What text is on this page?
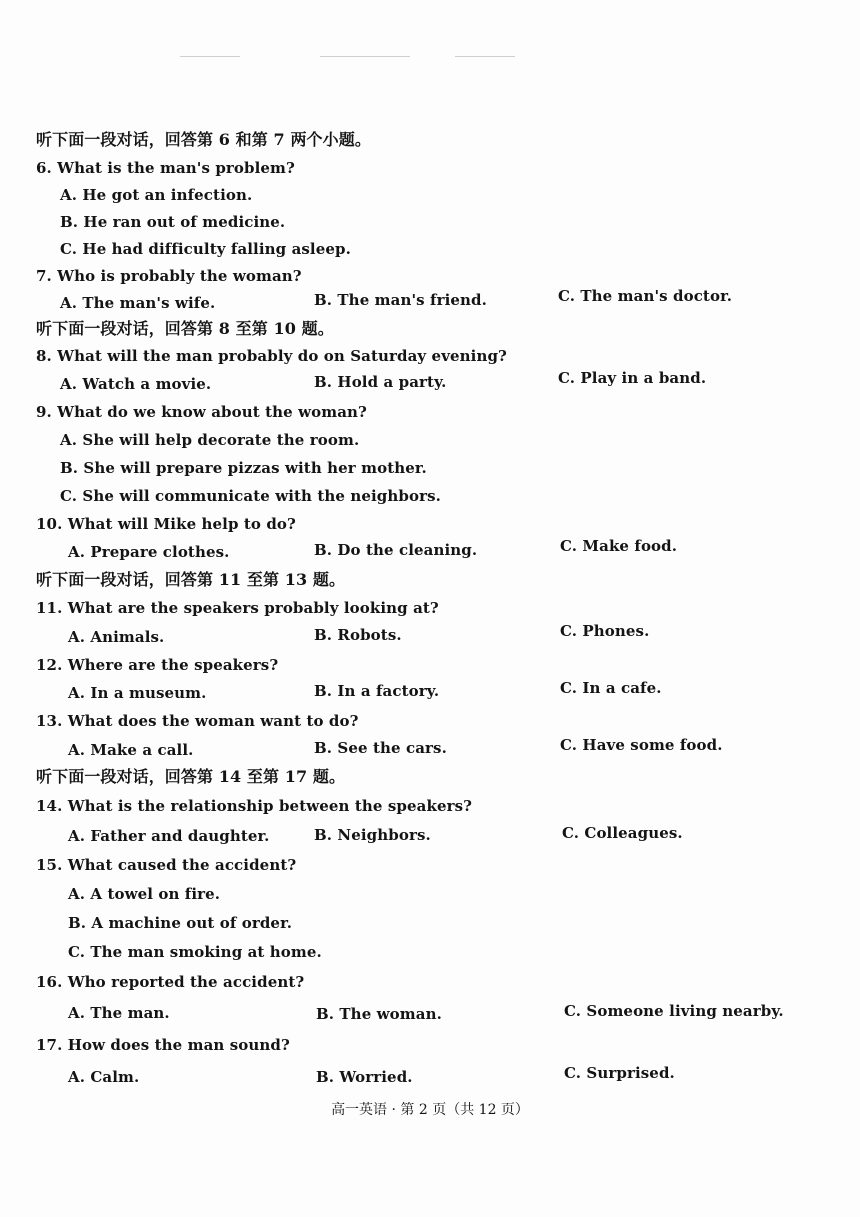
听下面一段对话，回答第 6 和第 7 两个小题。
6. What is the man's problem?
A. He got an infection.
B. He ran out of medicine.
C. He had difficulty falling asleep.
7. Who is probably the woman?
A. The man's wife.	B. The man's friend.	C. The man's doctor.
听下面一段对话，回答第 8 至第 10 题。
8. What will the man probably do on Saturday evening?
A. Watch a movie.	B. Hold a party.	C. Play in a band.
9. What do we know about the woman?
A. She will help decorate the room.
B. She will prepare pizzas with her mother.
C. She will communicate with the neighbors.
10. What will Mike help to do?
A. Prepare clothes.	B. Do the cleaning.	C. Make food.
听下面一段对话，回答第 11 至第 13 题。
11. What are the speakers probably looking at?
A. Animals.	B. Robots.	C. Phones.
12. Where are the speakers?
A. In a museum.	B. In a factory.	C. In a cafe.
13. What does the woman want to do?
A. Make a call.	B. See the cars.	C. Have some food.
听下面一段对话，回答第 14 至第 17 题。
14. What is the relationship between the speakers?
A. Father and daughter.	B. Neighbors.	C. Colleagues.
15. What caused the accident?
A. A towel on fire.
B. A machine out of order.
C. The man smoking at home.
16. Who reported the accident?
A. The man.	B. The woman.	C. Someone living nearby.
17. How does the man sound?
A. Calm.	B. Worried.	C. Surprised.
高一英语 · 第 2 页（共 12 页）
